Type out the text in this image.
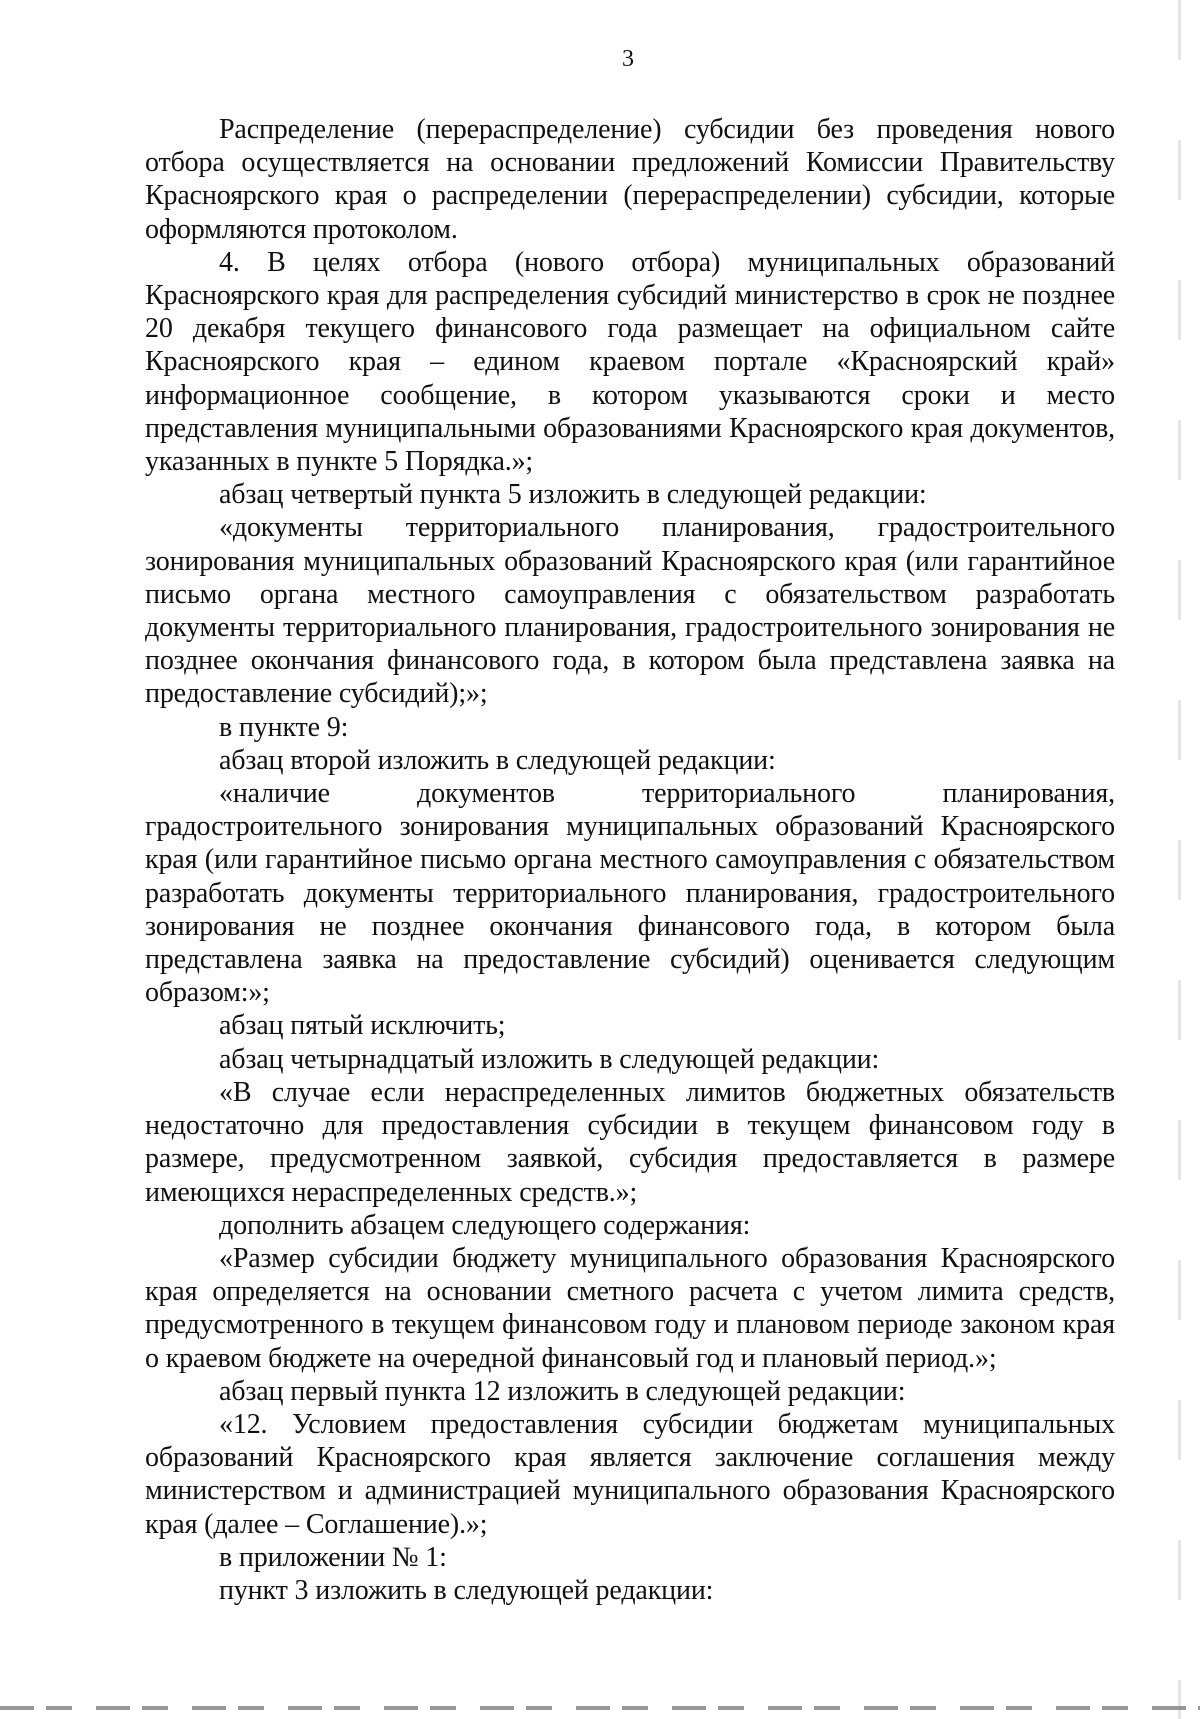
3

Распределение (перераспределение) субсидии без проведения нового отбора осуществляется на основании предложений Комиссии Правительству Красноярского края о распределении (перераспределении) субсидии, которые оформляются протоколом.

4. В целях отбора (нового отбора) муниципальных образований Красноярского края для распределения субсидий министерство в срок не позднее 20 декабря текущего финансового года размещает на официальном сайте Красноярского края – едином краевом портале «Красноярский край» информационное сообщение, в котором указываются сроки и место представления муниципальными образованиями Красноярского края документов, указанных в пункте 5 Порядка.»;

абзац четвертый пункта 5 изложить в следующей редакции:

«документы территориального планирования, градостроительного зонирования муниципальных образований Красноярского края (или гарантийное письмо органа местного самоуправления с обязательством разработать документы территориального планирования, градостроительного зонирования не позднее окончания финансового года, в котором была представлена заявка на предоставление субсидий);»;

в пункте 9:

абзац второй изложить в следующей редакции:

«наличие документов территориального планирования, градостроительного зонирования муниципальных образований Красноярского края (или гарантийное письмо органа местного самоуправления с обязательством разработать документы территориального планирования, градостроительного зонирования не позднее окончания финансового года, в котором была представлена заявка на предоставление субсидий) оценивается следующим образом:»;

абзац пятый исключить;

абзац четырнадцатый изложить в следующей редакции:

«В случае если нераспределенных лимитов бюджетных обязательств недостаточно для предоставления субсидии в текущем финансовом году в размере, предусмотренном заявкой, субсидия предоставляется в размере имеющихся нераспределенных средств.»;

дополнить абзацем следующего содержания:

«Размер субсидии бюджету муниципального образования Красноярского края определяется на основании сметного расчета с учетом лимита средств, предусмотренного в текущем финансовом году и плановом периоде законом края о краевом бюджете на очередной финансовый год и плановый период.»;

абзац первый пункта 12 изложить в следующей редакции:

«12. Условием предоставления субсидии бюджетам муниципальных образований Красноярского края является заключение соглашения между министерством и администрацией муниципального образования Красноярского края (далее – Соглашение).»;

в приложении № 1:

пункт 3 изложить в следующей редакции:
